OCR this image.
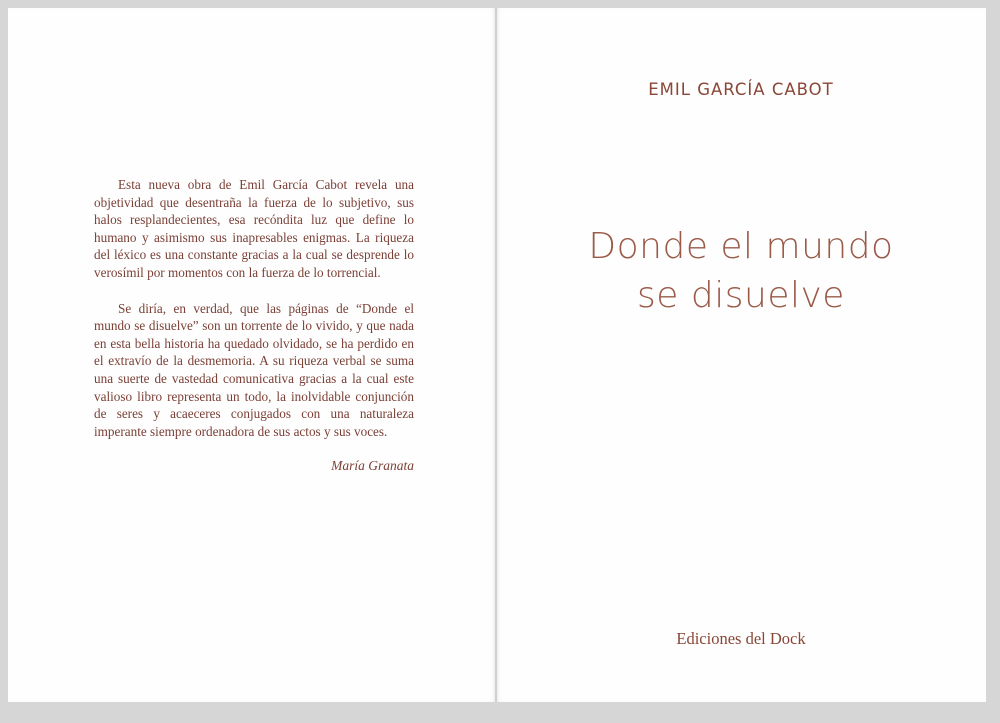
Esta nueva obra de Emil García Cabot revela una objetividad que desentraña la fuerza de lo subjetivo, sus halos resplandecientes, esa recóndita luz que define lo humano y asimismo sus inapresables enigmas. La riqueza del léxico es una constante gracias a la cual se desprende lo verosímil por momentos con la fuerza de lo torrencial.

Se diría, en verdad, que las páginas de “Donde el mundo se disuelve” son un torrente de lo vivido, y que nada en esta bella historia ha quedado olvidado, se ha perdido en el extravío de la desmemoria. A su riqueza verbal se suma una suerte de vastedad comunicativa gracias a la cual este valioso libro representa un todo, la inolvidable conjunción de seres y acaeceres conjugados con una naturaleza imperante siempre ordenadora de sus actos y sus voces.

María Granata
EMIL GARCÍA CABOT
Donde el mundo
se disuelve
Ediciones del Dock
